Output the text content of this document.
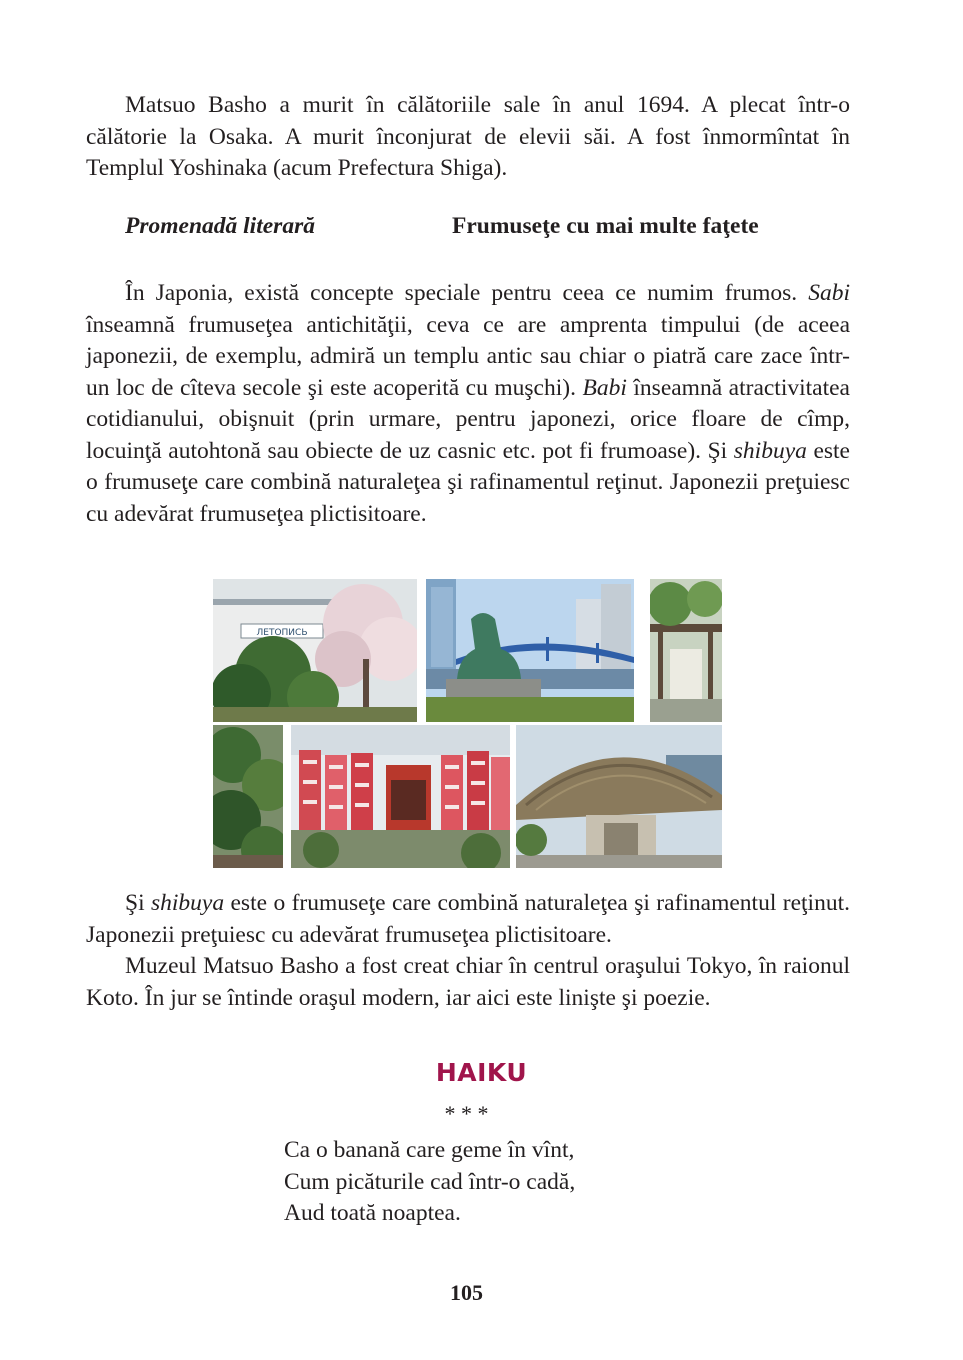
Matsuo Basho a murit în călătoriile sale în anul 1694. A plecat într-o călătorie la Osaka. A murit înconjurat de elevii săi. A fost înmormîntat în Templul Yoshinaka (acum Prefectura Shiga).

Promenadă literară	Frumuseţe cu mai multe faţete

În Japonia, există concepte speciale pentru ceea ce numim frumos. Sabi înseamnă frumuseţea antichităţii, ceva ce are amprenta timpului (de aceea japonezii, de exemplu, admiră un templu antic sau chiar o piatră care zace într-un loc de cîteva secole şi este acoperită cu muşchi). Babi înseamnă atractivitatea cotidianului, obişnuit (prin urmare, pentru japonezi, orice floare de cîmp, locuinţă autohtonă sau obiecte de uz casnic etc. pot fi frumoase). Şi shibuya este o frumuseţe care combină naturaleţea şi rafinamentul reţinut. Japonezii preţuiesc cu adevărat frumuseţea plictisitoare.

ЛЕТОПИСЬ

Şi shibuya este o frumuseţe care combină naturaleţea şi rafinamentul reţinut. Japonezii preţuiesc cu adevărat frumuseţea plictisitoare.

Muzeul Matsuo Basho a fost creat chiar în centrul oraşului Tokyo, în raionul Koto. În jur se întinde oraşul modern, iar aici este linişte şi poezie.

HAIKU
* * *
Ca o banană care geme în vînt,
Cum picăturile cad într-o cadă,
Aud toată noaptea.
105
